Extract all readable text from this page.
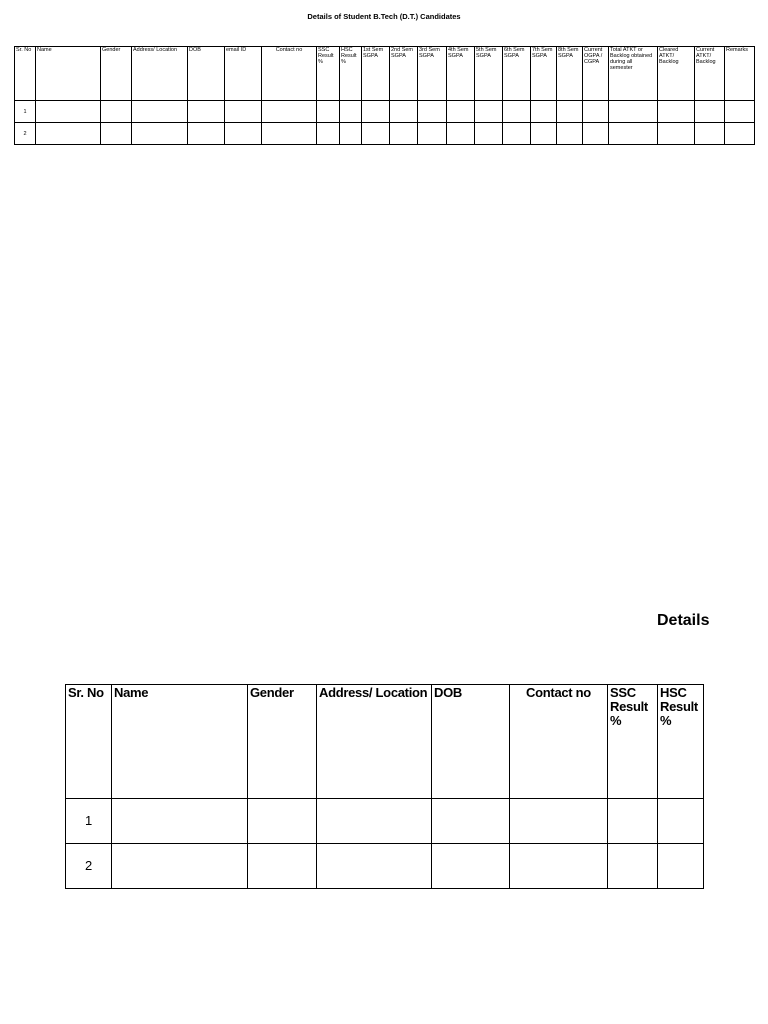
Details of Student B.Tech (D.T.) Candidates
Sr. No	Name	Gender	Address/ Location	DOB	email ID	Contact no	SSC Result %	HSC Result %	1st Sem SGPA	2nd Sem SGPA	3rd Sem SGPA	4th Sem SGPA	5th Sem SGPA	6th Sem SGPA	7th Sem SGPA	8th Sem SGPA	Current OGPA / CGPA	Total ATKT or Backlog obtained during all semester	Cleared ATKT/ Backlog	Current ATKT/ Backlog	Remarks
1																					
2																					
Details
Sr. No	Name	Gender	Address/ Location	DOB	Contact no	SSC Result %	HSC Result %
1							
2							
